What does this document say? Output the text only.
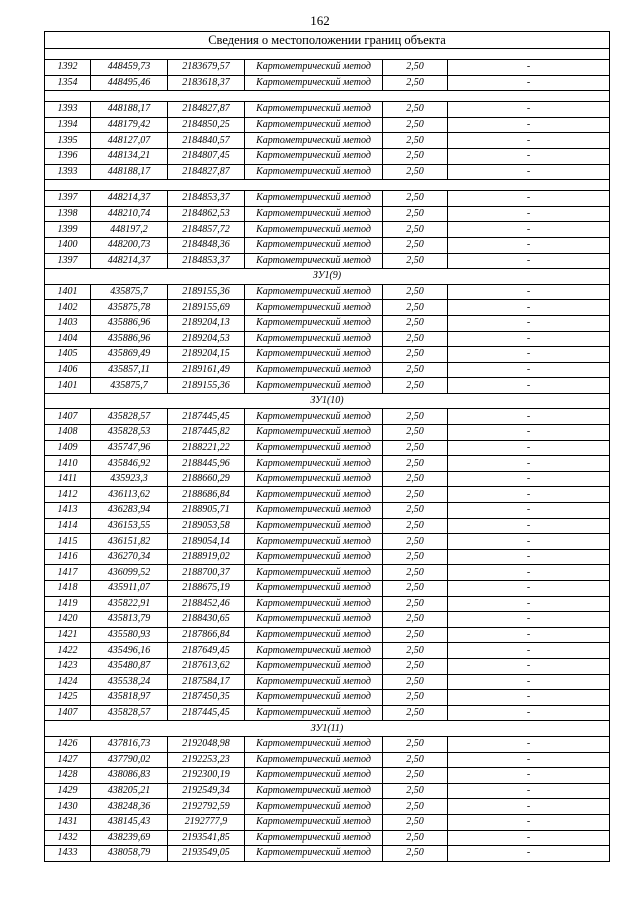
162
Сведения о местоположении границ объекта					

1392	448459,73	2183679,57	Картометрический метод	2,50	-
1354	448495,46	2183618,37	Картометрический метод	2,50	-

1393	448188,17	2184827,87	Картометрический метод	2,50	-
1394	448179,42	2184850,25	Картометрический метод	2,50	-
1395	448127,07	2184840,57	Картометрический метод	2,50	-
1396	448134,21	2184807,45	Картометрический метод	2,50	-
1393	448188,17	2184827,87	Картометрический метод	2,50	-

1397	448214,37	2184853,37	Картометрический метод	2,50	-
1398	448210,74	2184862,53	Картометрический метод	2,50	-
1399	448197,2	2184857,72	Картометрический метод	2,50	-
1400	448200,73	2184848,36	Картометрический метод	2,50	-
1397	448214,37	2184853,37	Картометрический метод	2,50	-
ЗУ1(9)					
1401	435875,7	2189155,36	Картометрический метод	2,50	-
1402	435875,78	2189155,69	Картометрический метод	2,50	-
1403	435886,96	2189204,13	Картометрический метод	2,50	-
1404	435886,96	2189204,53	Картометрический метод	2,50	-
1405	435869,49	2189204,15	Картометрический метод	2,50	-
1406	435857,11	2189161,49	Картометрический метод	2,50	-
1401	435875,7	2189155,36	Картометрический метод	2,50	-
ЗУ1(10)					
1407	435828,57	2187445,45	Картометрический метод	2,50	-
1408	435828,53	2187445,82	Картометрический метод	2,50	-
1409	435747,96	2188221,22	Картометрический метод	2,50	-
1410	435846,92	2188445,96	Картометрический метод	2,50	-
1411	435923,3	2188660,29	Картометрический метод	2,50	-
1412	436113,62	2188686,84	Картометрический метод	2,50	-
1413	436283,94	2188905,71	Картометрический метод	2,50	-
1414	436153,55	2189053,58	Картометрический метод	2,50	-
1415	436151,82	2189054,14	Картометрический метод	2,50	-
1416	436270,34	2188919,02	Картометрический метод	2,50	-
1417	436099,52	2188700,37	Картометрический метод	2,50	-
1418	435911,07	2188675,19	Картометрический метод	2,50	-
1419	435822,91	2188452,46	Картометрический метод	2,50	-
1420	435813,79	2188430,65	Картометрический метод	2,50	-
1421	435580,93	2187866,84	Картометрический метод	2,50	-
1422	435496,16	2187649,45	Картометрический метод	2,50	-
1423	435480,87	2187613,62	Картометрический метод	2,50	-
1424	435538,24	2187584,17	Картометрический метод	2,50	-
1425	435818,97	2187450,35	Картометрический метод	2,50	-
1407	435828,57	2187445,45	Картометрический метод	2,50	-
ЗУ1(11)					
1426	437816,73	2192048,98	Картометрический метод	2,50	-
1427	437790,02	2192253,23	Картометрический метод	2,50	-
1428	438086,83	2192300,19	Картометрический метод	2,50	-
1429	438205,21	2192549,34	Картометрический метод	2,50	-
1430	438248,36	2192792,59	Картометрический метод	2,50	-
1431	438145,43	2192777,9	Картометрический метод	2,50	-
1432	438239,69	2193541,85	Картометрический метод	2,50	-
1433	438058,79	2193549,05	Картометрический метод	2,50	-
